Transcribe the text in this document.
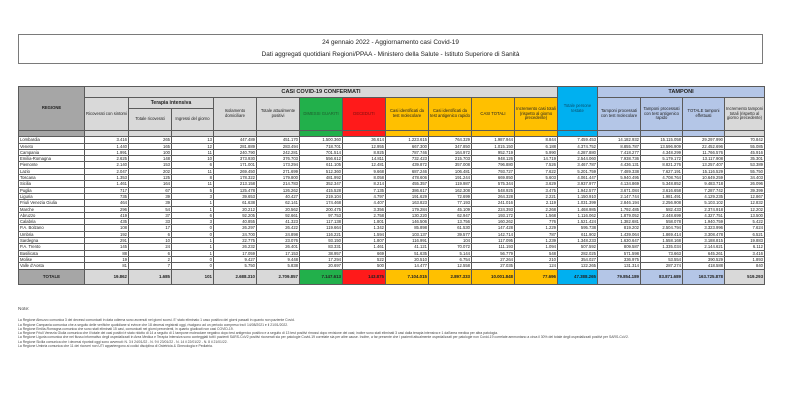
24 gennaio 2022 - Aggiornamento casi Covid-19
Dati aggregati quotidiani Regioni/PPAA - Ministero della Salute - Istituto Superiore di Sanità
REGIONE	CASI COVID-19 CONFERMATI											Totale persone testate	TAMPONI			
	Ricoverati con sintomi	Terapia intensiva		Isolamento domiciliare	Totale attualmente positivi	DIMESSI GUARITI	DECEDUTI	Casi identificati da test molecolare	Casi identificati da test antigenico rapido	CASI TOTALI	Incremento casi totali (rispetto al giorno precedente)		Tamponi processati con test molecolare	Tamponi processati con test antigenico rapido	TOTALE tamponi effettuati	Incremento tamponi totali (rispetto al giorno precedente)
		Totale ricoverati	Ingressi del giorno													

Lombardia	3.416	265	13	447.489	451.170	1.500.360	36.614	1.223.615	764.329	1.987.944	8.844	7.459.453	14.182.932	15.115.058	29.297.990	70.842
Veneto	1.440	165	12	281.889	283.494	718.701	12.955	667.300	347.850	1.015.150	6.188	4.374.752	8.855.787	13.596.909	22.452.696	55.085
Campania	1.991	100	11	240.790	242.281	701.514	8.925	787.746	164.972	952.719	5.990	4.287.880	7.418.277	4.348.299	11.766.576	45.916
Emilia-Romagna	2.625	148	10	373.930	376.703	556.612	14.811	732.423	215.703	948.126	14.719	2.544.060	7.938.736	5.179.172	13.117.908	35.301
Piemonte	2.140	153	6	171.001	173.294	611.105	12.481	439.872	357.008	796.880	7.526	3.467.787	4.436.131	8.821.276	13.257.407	53.389
Lazio	2.047	202	11	269.450	271.699	512.360	9.668	687.246	106.481	793.727	7.622	5.201.759	7.489.338	7.627.191	15.116.529	55.750
Toscana	1.353	125	8	178.322	179.800	481.992	8.058	478.606	191.244	669.850	5.603	4.061.447	5.940.495	4.708.764	10.649.259	34.403
Sicilia	1.461	164	11	213.158	214.783	352.347	8.214	455.357	119.987	575.344	3.629	3.937.977	4.134.869	5.348.852	9.483.718	26.096
Puglia	717	67	5	125.478	126.262	415.528	7.135	386.617	162.308	548.925	3.475	1.942.577	3.671.084	3.616.658	7.287.742	39.399
Liguria	735	39	3	39.653	40.427	219.104	4.797	191.629	72.699	264.328	2.221	1.150.910	2.147.744	1.981.491	4.129.235	12.867
Friuli Venezia Giulia	464	39	1	61.638	62.141	174.468	4.407	163.823	77.193	241.016	2.119	1.031.399	2.846.194	2.256.908	5.103.102	12.832
Marche	296	54	1	20.212	20.562	200.475	3.356	179.284	45.109	224.393	2.268	1.468.985	1.792.485	582.433	2.374.918	12.202
Abruzzo	419	37	6	92.205	92.661	97.753	2.758	130.220	62.947	193.172	1.568	1.116.062	1.879.052	2.448.699	4.327.751	13.500
Calabria	435	33	3	40.855	41.323	117.138	1.801	146.506	13.756	160.262	776	1.521.424	1.382.681	558.078	1.940.759	5.422
P.A. Bolzano	108	17	0	26.297	26.422	119.664	1.342	85.898	61.530	147.428	1.229	595.738	819.202	2.504.794	3.323.996	7.624
Umbria	192	6	0	24.700	24.898	116.221	1.594	103.137	39.577	142.714	787	611.902	1.439.064	1.869.414	3.308.478	6.521
Sardegna	291	10	1	22.775	23.076	93.150	1.807	116.991	104	117.095	1.239	1.348.233	1.630.647	1.558.168	3.188.815	19.883
P.A. Trento	145	24	1	26.232	26.401	83.331	1.461	41.121	70.072	111.193	1.094	507.592	809.587	1.335.034	2.144.621	6.112
Basilicata	88	6	1	17.059	17.153	38.957	669	51.635	5.144	56.779	548	282.025	571.598	73.663	645.261	3.416
Molise	19	2	0	9.427	9.448	17.294	522	20.510	6.754	27.264	210	354.027	336.975	53.554	390.529	1.893
Valle d'Aosta	81	7	0	5.750	5.838	20.697	500	14.477	12.558	27.035	124	122.265	131.314	287.274	418.588	840
TOTALE	19.862	1.685	101	2.688.310	2.709.857	7.147.613	143.875	7.104.015	2.897.333	10.001.848	77.696	47.388.265	79.854.189	83.871.689	163.725.878	519.293
Note:
La Regione Abruzzo comunica 3 dei decessi comunicati in data odierna sono avvenuti nei giorni scorsi. E' stato eliminato 1 caso positivo dei giorni passati in quanto non paziente Covid.
La Regione Campania comunica che a seguito delle verifiche quotidiane si evince che 18 decessi registrati oggi, rivalgono ad un periodo compreso tra il 14/08/2021 e il 21/01/2022.
La Regione Emilia-Romagna comunica che sono stati eliminati 15 casi, comunicati nei giorni precedenti, in quanto giudicati non casi COVID-19.
La Regione Friuli Venezia Giulia comunica che il totale dei casi positivi è stato ridotto di 14 a seguito di 1 tampone molecolare negativo dopo test antigenico positivo e a seguito di 13 test positivi rimossi dopo revisione dei casi; inoltre sono stati eliminati 3 casi dalla terapia intensiva e 1 dall'area medica per altra patologia.
La Regione Liguria comunica che nel flusso informativo degli ospedalizzati in Area Medica e Terapia Intensiva sono conteggiati tutti i pazienti SARS-CoV2 positivi ricoverati sia per patologie Covid-19 correlate sia per altre cause. Inoltre, a far presente che i pazienti attualmente ospedalizzati per patologie non Covid-19 correlate ammontano a circa il 30% del totale degli ospedalizzati positivi per SARS-CoV2.
La Regione Sicilia comunica che i decessi riportati oggi sono avvenuti: N. 3 il 24/01/22 - N. 9 il 23/01/22 - N. 14 il 22/01/22 - N. 8 il 21/01/22.
La Regione Umbria comunica che 11 dei ricoveri non UTI appartengono ai codici disciplina di Ostetricia & Ginecologia e Pediatria.
